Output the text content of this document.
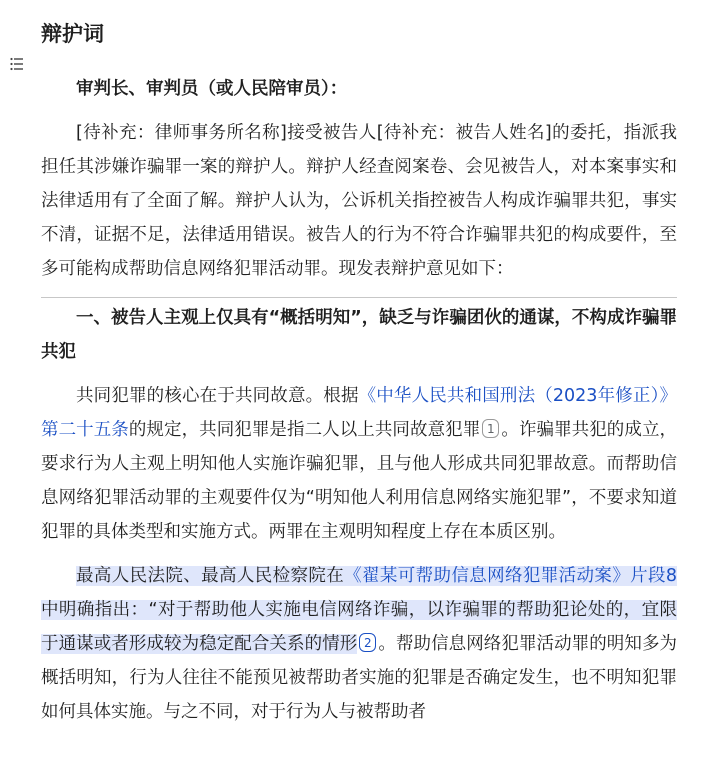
辩护词

审判长、审判员（或人民陪审员）：

[待补充：律师事务所名称]接受被告人[待补充：被告人姓名]的委托，指派我担任其涉嫌诈骗罪一案的辩护人。辩护人经查阅案卷、会见被告人，对本案事实和法律适用有了全面了解。辩护人认为，公诉机关指控被告人构成诈骗罪共犯，事实不清，证据不足，法律适用错误。被告人的行为不符合诈骗罪共犯的构成要件，至多可能构成帮助信息网络犯罪活动罪。现发表辩护意见如下：

一、被告人主观上仅具有“概括明知”，缺乏与诈骗团伙的通谋，不构成诈骗罪共犯

共同犯罪的核心在于共同故意。根据《中华人民共和国刑法（2023年修正）》第二十五条的规定，共同犯罪是指二人以上共同故意犯罪 1 。诈骗罪共犯的成立，要求行为人主观上明知他人实施诈骗犯罪，且与他人形成共同犯罪故意。而帮助信息网络犯罪活动罪的主观要件仅为“明知他人利用信息网络实施犯罪”，不要求知道犯罪的具体类型和实施方式。两罪在主观明知程度上存在本质区别。

最高人民法院、最高人民检察院在《翟某可帮助信息网络犯罪活动案》片段8中明确指出：“对于帮助他人实施电信网络诈骗，以诈骗罪的帮助犯论处的，宜限于通谋或者形成较为稳定配合关系的情形 2 。帮助信息网络犯罪活动罪的明知多为概括明知，行为人往往不能预见被帮助者实施的犯罪是否确定发生，也不明知犯罪如何具体实施。与之不同，对于行为人与被帮助者
